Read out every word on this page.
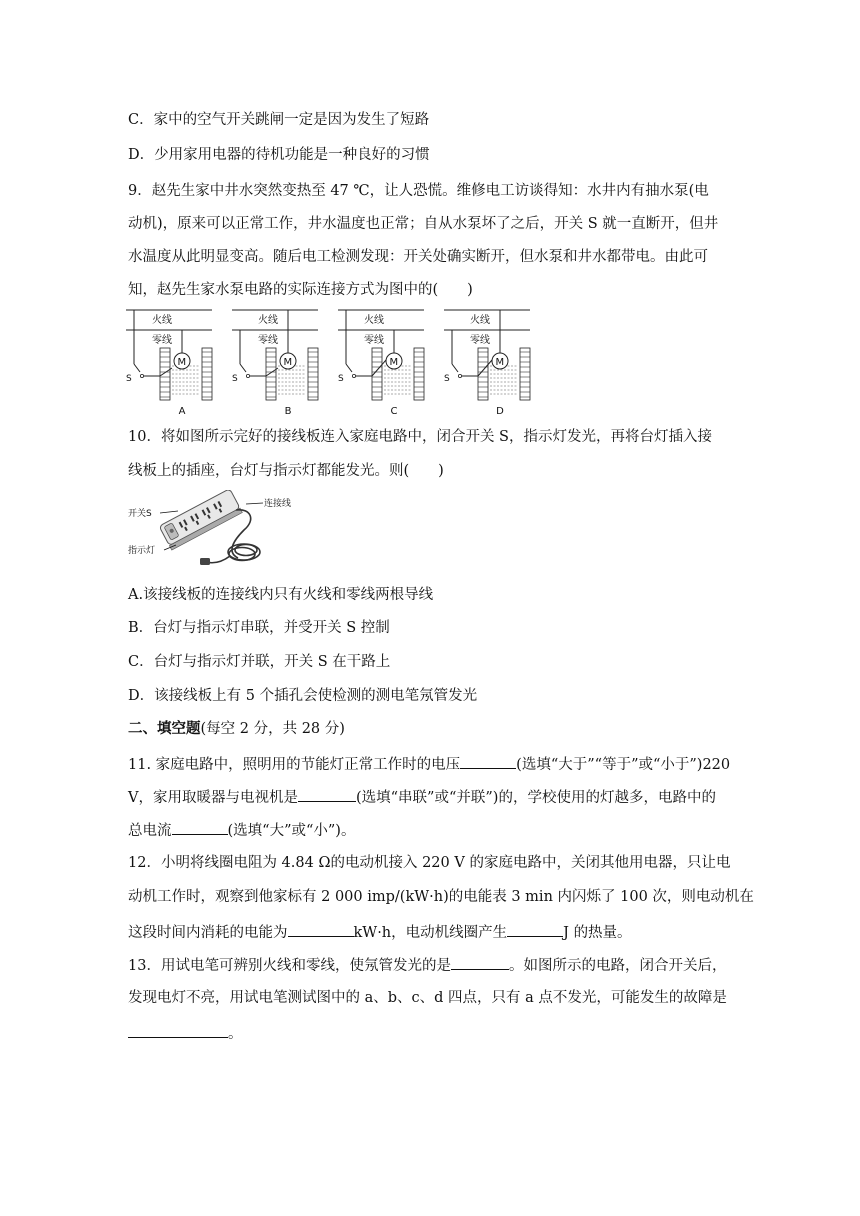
C．家中的空气开关跳闸一定是因为发生了短路
D．少用家用电器的待机功能是一种良好的习惯
9．赵先生家中井水突然变热至 47 ℃，让人恐慌。维修电工访谈得知：水井内有抽水泵(电
动机)，原来可以正常工作，井水温度也正常；自从水泵坏了之后，开关 S 就一直断开，但井
水温度从此明显变高。随后电工检测发现：开关处确实断开，但水泵和井水都带电。由此可
知，赵先生家水泵电路的实际连接方式为图中的(　　)
火线
零线
S
M
A
火线
零线
S
M
B
火线
零线
S
M
C
火线
零线
S
M
D
10．将如图所示完好的接线板连入家庭电路中，闭合开关 S，指示灯发光，再将台灯插入接
线板上的插座，台灯与指示灯都能发光。则(　　)
开关S
连接线
指示灯
A.该接线板的连接线内只有火线和零线两根导线
B．台灯与指示灯串联，并受开关 S 控制
C．台灯与指示灯并联，开关 S 在干路上
D．该接线板上有 5 个插孔会使检测的测电笔氖管发光
二、填空题(每空 2 分，共 28 分)
11. 家庭电路中，照明用的节能灯正常工作时的电压	(选填“大于”“等于”或“小于”)220
V，家用取暖器与电视机是	(选填“串联”或“并联”)的，学校使用的灯越多，电路中的
总电流	(选填“大”或“小”)。
12．小明将线圈电阻为 4.84 Ω的电动机接入 220 V 的家庭电路中，关闭其他用电器，只让电
动机工作时，观察到他家标有 2 000 imp/(kW·h)的电能表 3 min 内闪烁了 100 次，则电动机在
这段时间内消耗的电能为	kW·h，电动机线圈产生	J 的热量。
13．用试电笔可辨别火线和零线，使氖管发光的是	。如图所示的电路，闭合开关后，
发现电灯不亮，用试电笔测试图中的 a、b、c、d 四点，只有 a 点不发光，可能发生的故障是
。
